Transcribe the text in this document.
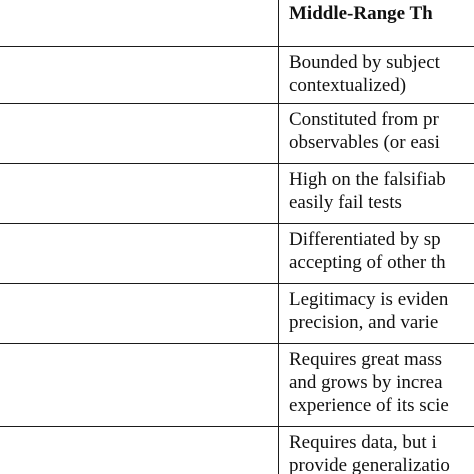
	Middle-Range Th

Bounded by subject
contextualized)

Constituted from pr
observables (or easi

High on the falsifiab
easily fail tests

Differentiated by sp
accepting of other th

Legitimacy is eviden
precision, and varie

Requires great mass
and grows by increa
experience of its scie

Requires data, but i
provide generalizatio
